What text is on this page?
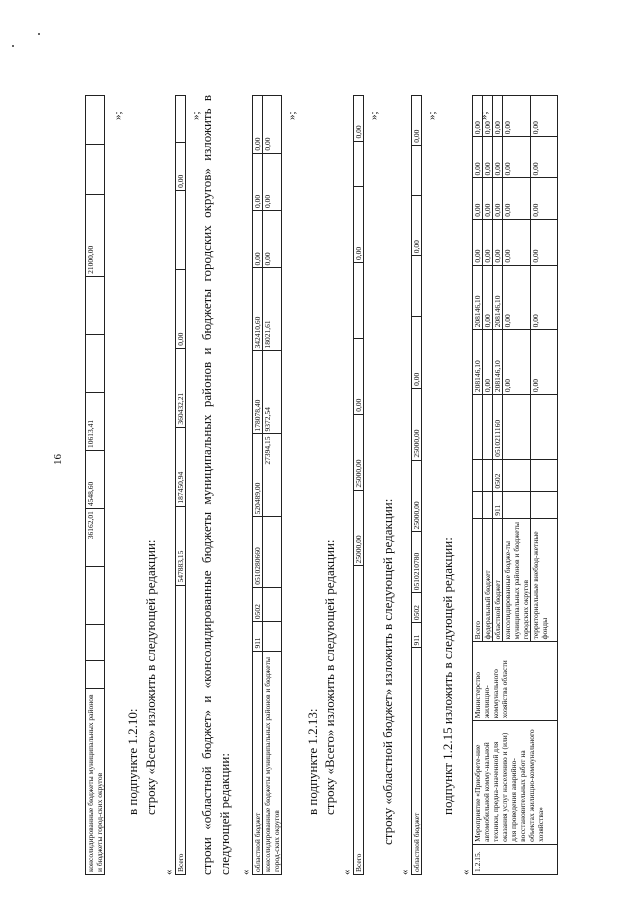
16
консолидированные бюджеты муниципальных районов и бюджеты город-ских округов				36162,01	4548,60	10613,41			21000,00		
»;
в подпункте 1.2.10: строку «Всего» изложить в следующей редакции:
«
Всего	547883,15	187450,94	360432,21	0,00		0,00	
»;
строки «областной бюджет» и «консолидированные бюджеты муниципальных районов и бюджеты городских округов» изложить в следующей редакции: «
областной бюджет	911	0502	0510280660	520489,00	178078,40	342410,60	0,00	0,00	0,00
консолидированные бюджеты муниципальных районов и бюджеты город-ских округов				27394,15	9372,54	18021,61	0,00	0,00	0,00
»;
в подпункте 1.2.13: строку «Всего» изложить в следующей редакции:
«
Всего	25000,00	25000,00	0,00		0,00		0,00
»;
строку «областной бюджет» изложить в следующей редакции:
«
областной бюджет	911	0502	0510210780	25000,00	25000,00	0,00		0,00		0,00
»;
подпункт 1.2.15 изложить в следующей редакции:
«
1.2.15.	Мероприятие «Приобрете-ние автомобильной комму-нальной техники, предна-значенной для оказания услуг населению и (или) для проведения аварийно-восстановительных работ на объектах жилищно-коммунального хозяйства»	Министерство жилищно-коммунального хозяйства области	Всего				208146,10	208146,10	0,00	0,00	0,00	0,00
			федеральный бюджет				0,00	0,00	0,00	0,00	0,00	0,00
			областной бюджет	911	0502	0510211160	208146,10	208146,10	0,00	0,00	0,00	0,00
			консолидированные бюдже-ты муниципальных районов и бюджеты городских округов				0,00	0,00	0,00	0,00	0,00	0,00
			территориальные внебюд-жетные фонды				0,00	0,00	0,00	0,00	0,00	0,00
»;
